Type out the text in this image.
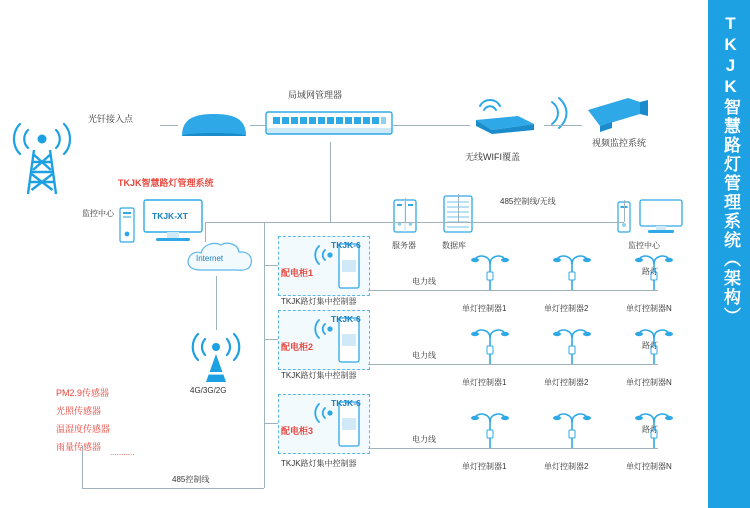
TKJK智慧路灯管理系统（架构）
光钎接入点
局域网管理器
无线WIFI覆盖
视频监控系统
TKJK智慧路灯管理系统
监控中心	TKJK-XT
Internet
4G/3G/2G
PM2.9传感器
光照传感器
温湿度传感器
雨量传感器
...........
服务器	数据库
485控制线/无线
监控中心
TKJK-6
配电柜1
TKJK路灯集中控制器
电力线
路灯
单灯控制器1	单灯控制器2	单灯控制器N
TKJK-6
配电柜2
TKJK路灯集中控制器
电力线
路灯
单灯控制器1	单灯控制器2	单灯控制器N
TKJK-6
配电柜3
TKJK路灯集中控制器
电力线
路灯
单灯控制器1	单灯控制器2	单灯控制器N
485控制线
